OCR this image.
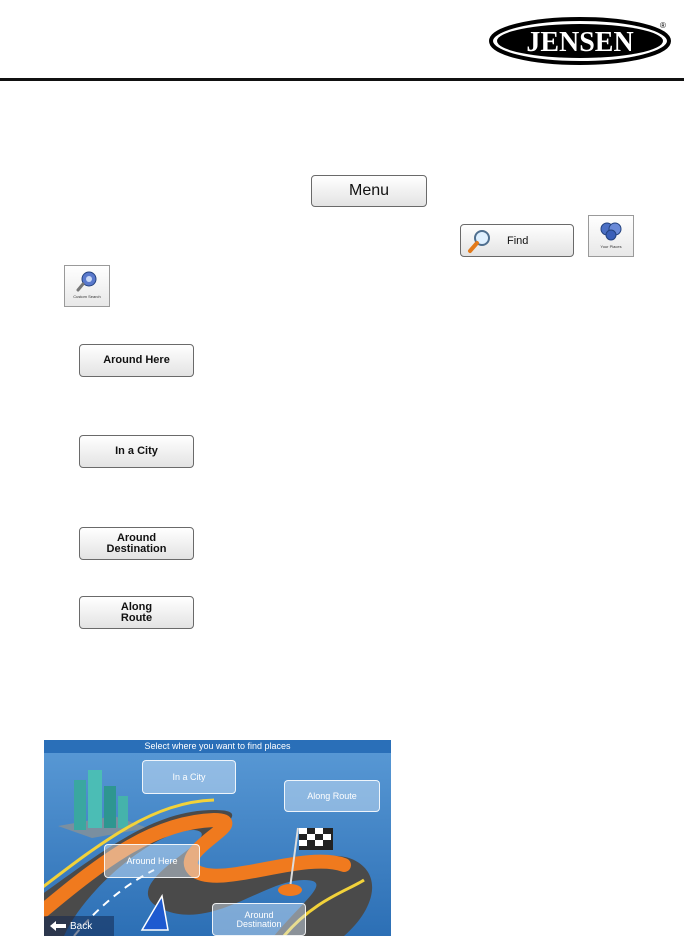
JENSEN
®
Menu
Find	Your Places
Custom Search
Around Here
In a City
Around
Destination
Along
Route
Select where you want to find places
In a City
Along Route
Around Here
Around
Destination
Back
